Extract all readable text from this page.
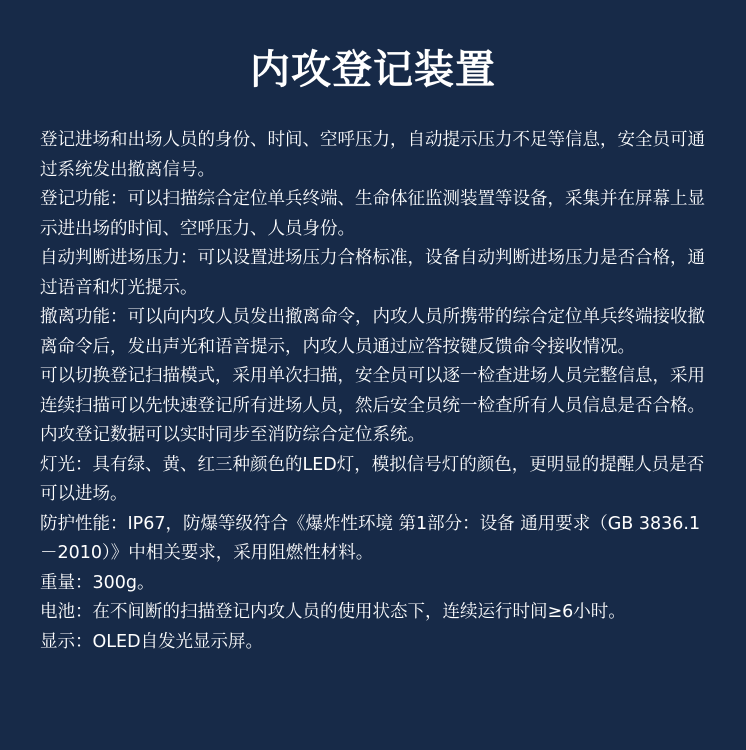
内攻登记装置

登记进场和出场人员的身份、时间、空呼压力，自动提示压力不足等信息，安全员可通过系统发出撤离信号。

登记功能：可以扫描综合定位单兵终端、生命体征监测装置等设备，采集并在屏幕上显示进出场的时间、空呼压力、人员身份。

自动判断进场压力：可以设置进场压力合格标准，设备自动判断进场压力是否合格，通过语音和灯光提示。

撤离功能：可以向内攻人员发出撤离命令，内攻人员所携带的综合定位单兵终端接收撤离命令后，发出声光和语音提示，内攻人员通过应答按键反馈命令接收情况。

可以切换登记扫描模式，采用单次扫描，安全员可以逐一检查进场人员完整信息，采用连续扫描可以先快速登记所有进场人员，然后安全员统一检查所有人员信息是否合格。

内攻登记数据可以实时同步至消防综合定位系统。

灯光：具有绿、黄、红三种颜色的LED灯，模拟信号灯的颜色，更明显的提醒人员是否可以进场。

防护性能：IP67，防爆等级符合《爆炸性环境 第1部分：设备 通用要求（GB 3836.1－2010）》中相关要求，采用阻燃性材料。

重量：300g。

电池：在不间断的扫描登记内攻人员的使用状态下，连续运行时间≥6小时。

显示：OLED自发光显示屏。
